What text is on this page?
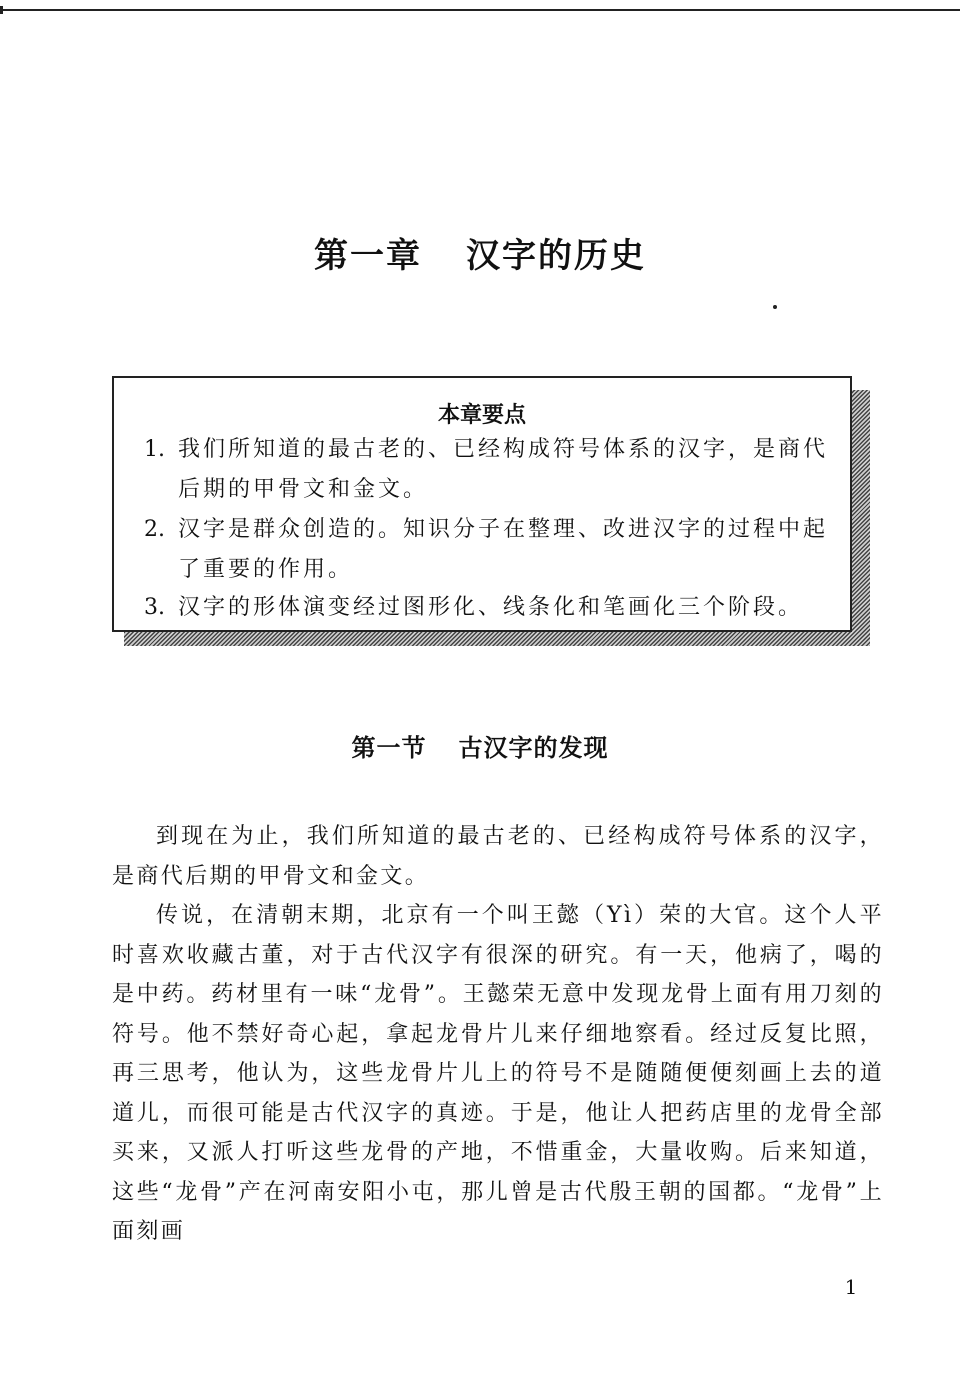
第一章 汉字的历史
本章要点
1. 我们所知道的最古老的、已经构成符号体系的汉字，是商代后期的甲骨文和金文。
2. 汉字是群众创造的。知识分子在整理、改进汉字的过程中起了重要的作用。
3. 汉字的形体演变经过图形化、线条化和笔画化三个阶段。
第一节 古汉字的发现

到现在为止，我们所知道的最古老的、已经构成符号体系的汉字，是商代后期的甲骨文和金文。

传说，在清朝末期，北京有一个叫王懿（Yì）荣的大官。这个人平时喜欢收藏古董，对于古代汉字有很深的研究。有一天，他病了，喝的是中药。药材里有一味“龙骨”。王懿荣无意中发现龙骨上面有用刀刻的符号。他不禁好奇心起，拿起龙骨片儿来仔细地察看。经过反复比照，再三思考，他认为，这些龙骨片儿上的符号不是随随便便刻画上去的道道儿，而很可能是古代汉字的真迹。于是，他让人把药店里的龙骨全部买来，又派人打听这些龙骨的产地，不惜重金，大量收购。后来知道，这些“龙骨”产在河南安阳小屯，那儿曾是古代殷王朝的国都。“龙骨”上面刻画

1
